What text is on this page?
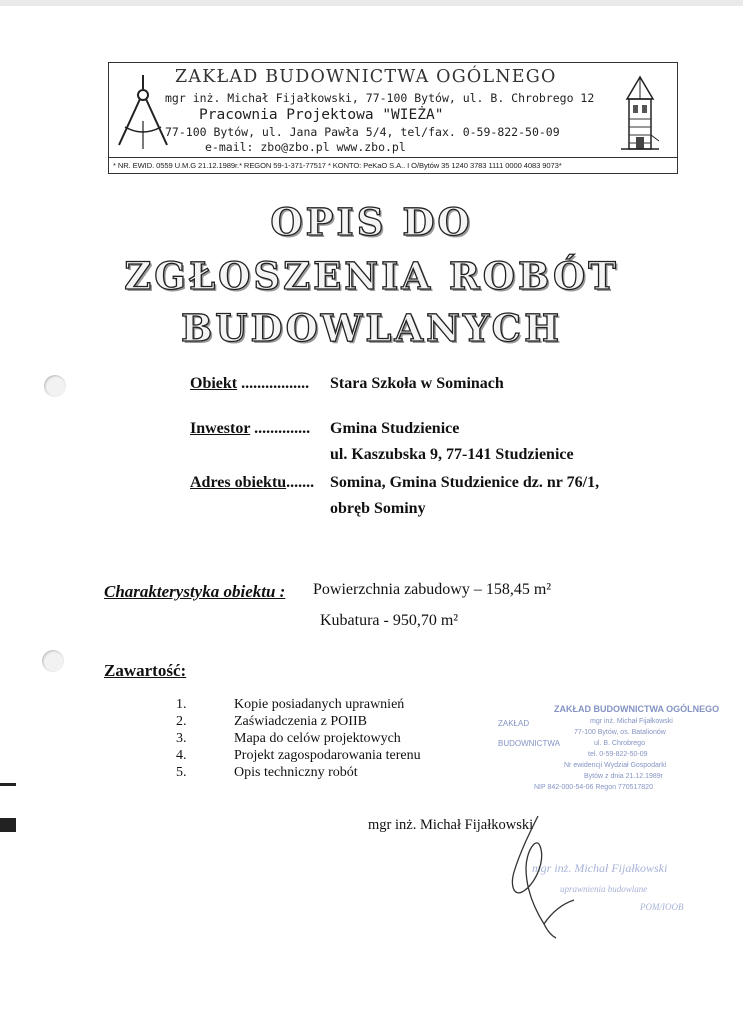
ZAKŁAD BUDOWNICTWA OGÓLNEGO
mgr inż. Michał Fijałkowski, 77-100 Bytów, ul. B. Chrobrego 12
Pracownia Projektowa "WIEŻA"
77-100 Bytów, ul. Jana Pawła 5/4, tel/fax. 0-59-822-50-09
e-mail: zbo@zbo.pl www.zbo.pl
* NR. EWID. 0559 U.M.G 21.12.1989r.* REGON 59-1-371-77517 * KONTO: PeKaO S.A.. I O/Bytów 35 1240 3783 1111 0000 4083 9073*
OPIS DO
ZGŁOSZENIA ROBÓT
BUDOWLANYCH
Obiekt ................. Stara Szkoła w Sominach
Inwestor .............. Gmina Studzienice
ul. Kaszubska 9, 77-141 Studzienice
Adres obiektu....... Somina, Gmina Studzienice dz. nr 76/1,
obręb Sominy
Charakterystyka obiektu : Powierzchnia zabudowy – 158,45 m²
Kubatura - 950,70 m²
Zawartość:
1.	Kopie posiadanych uprawnień
2.	Zaświadczenia z POIIB
3.	Mapa do celów projektowych
4.	Projekt zagospodarowania terenu
5.	Opis techniczny robót
ZAKŁAD BUDOWNICTWA OGÓLNEGO
mgr inż. Michał Fijałkowski
77-100 Bytów, os. Batalionów
ul. B. Chrobrego
tel. 0-59-822-50-09
Nr ewidencji Wydział Gospodarki
Bytów z dnia 21.12.1989r
NIP 842-000-54-06 Regon 770517820
ZAKŁAD
BUDOWNICTWA
mgr inż. Michał Fijałkowski
mgr inż. Michał Fijałkowski
uprawnienia budowlane
POM/IOOB
